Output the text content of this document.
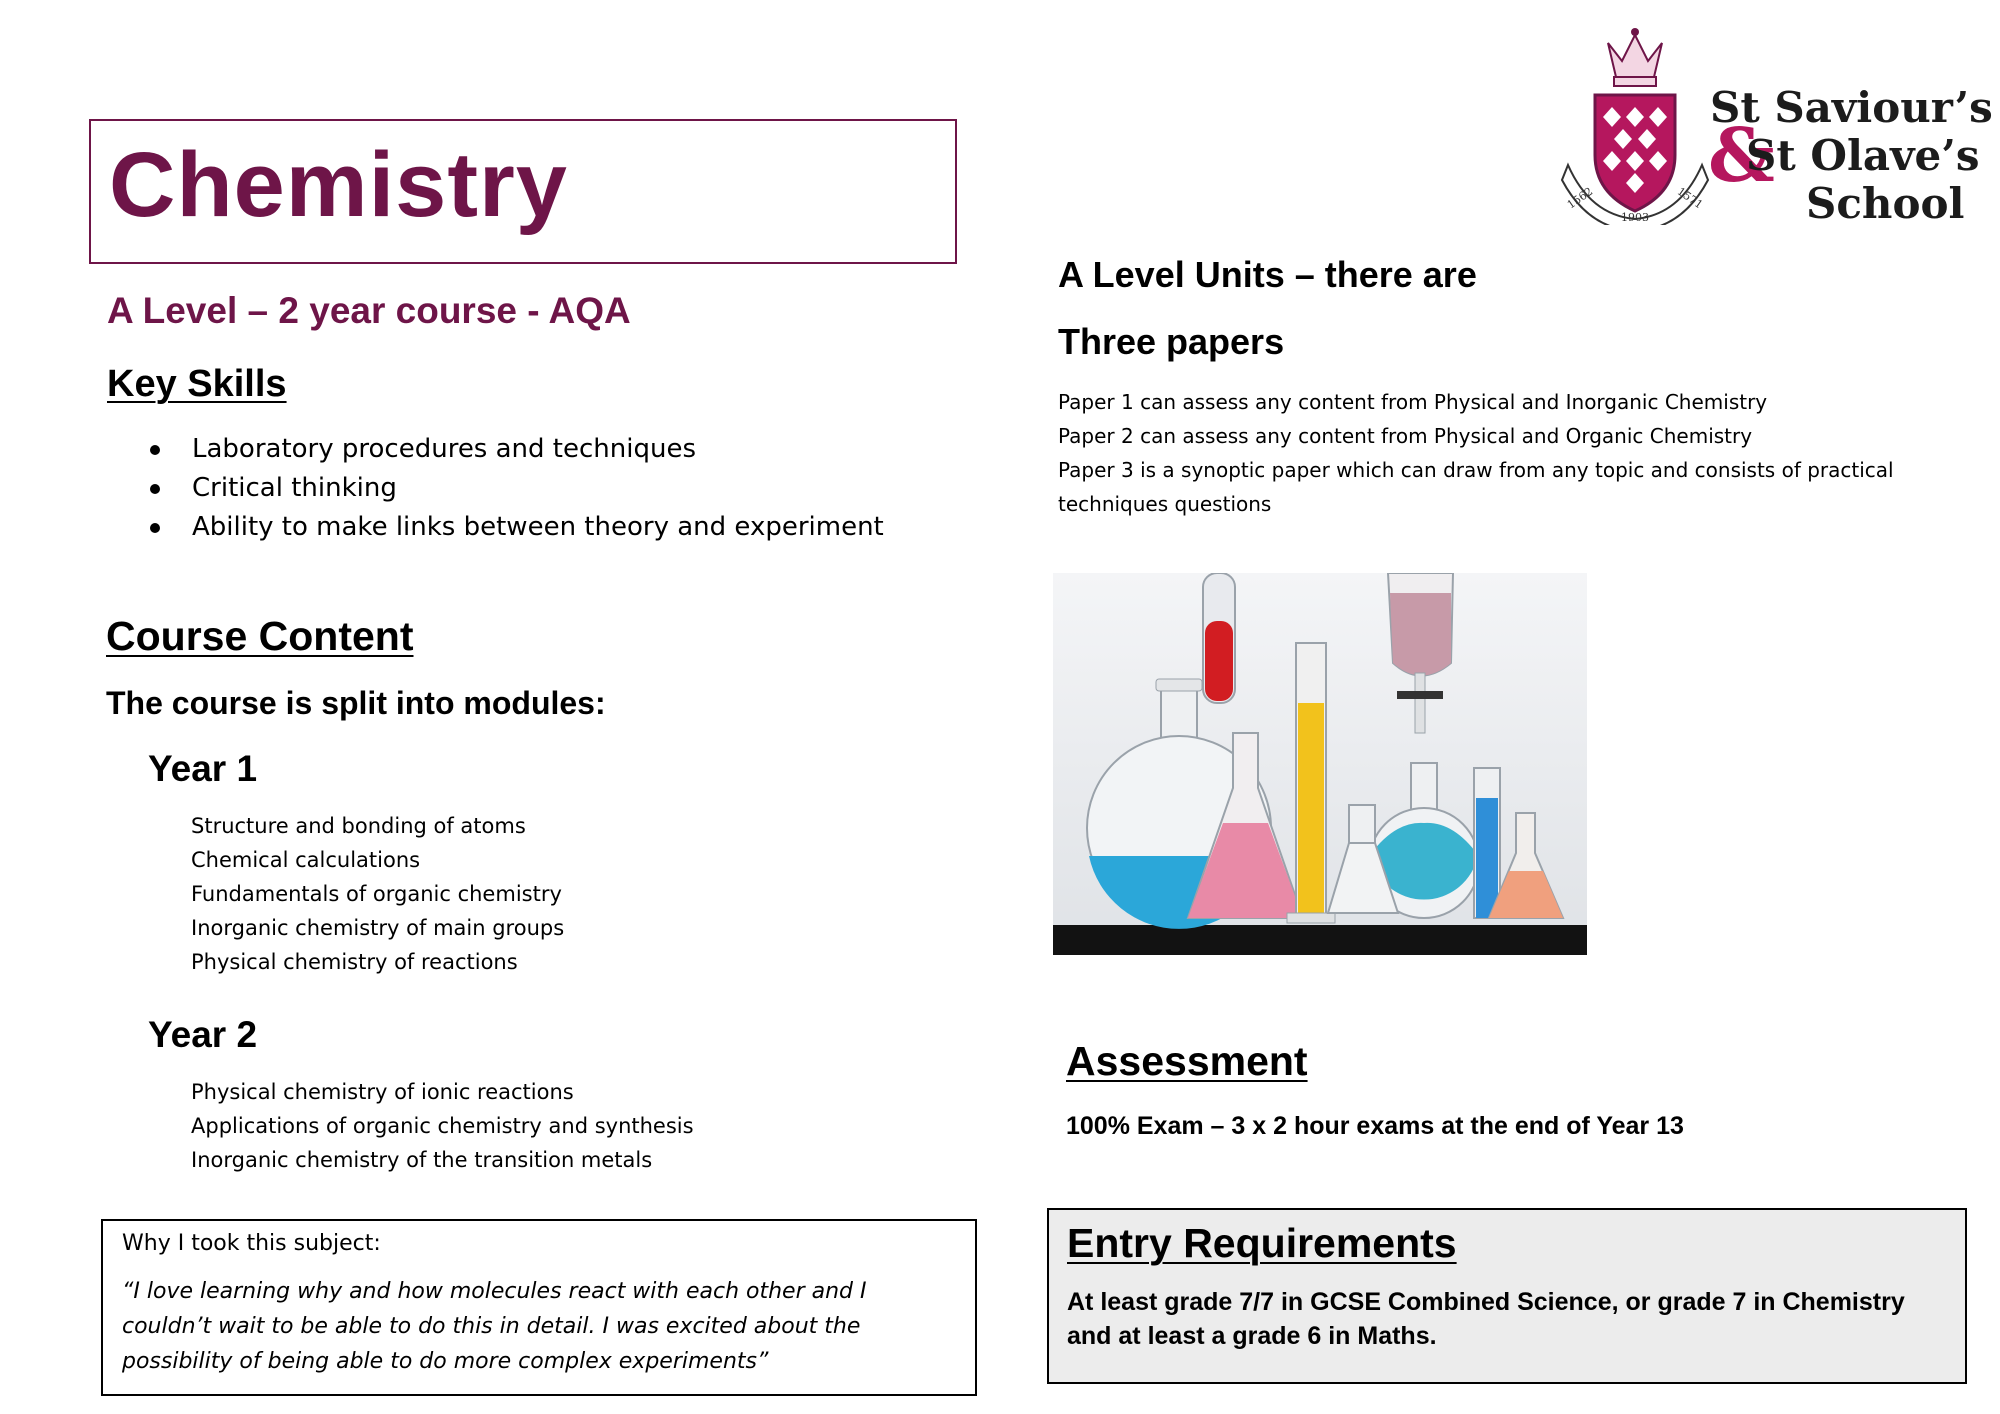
Chemistry
A Level – 2 year course - AQA
Key Skills
Laboratory procedures and techniques
Critical thinking
Ability to make links between theory and experiment
Course Content
The course is split into modules:
Year 1
Structure and bonding of atoms
Chemical calculations
Fundamentals of organic chemistry
Inorganic chemistry of main groups
Physical chemistry of reactions
Year 2
Physical chemistry of ionic reactions
Applications of organic chemistry and synthesis
Inorganic chemistry of the transition metals
Why I took this subject:
“I love learning why and how molecules react with each other and I couldn’t wait to be able to do this in detail. I was excited about the possibility of being able to do more complex experiments”
1562
1903
1571
St Saviour’s
&
St Olave’s
School
A Level Units – there are
Three papers
Paper 1 can assess any content from Physical and Inorganic Chemistry
Paper 2 can assess any content from Physical and Organic Chemistry
Paper 3 is a synoptic paper which can draw from any topic and consists of practical techniques questions
Assessment
100% Exam – 3 x 2 hour exams at the end of Year 13
Entry Requirements
At least grade 7/7 in GCSE Combined Science, or grade 7 in Chemistry and at least a grade 6 in Maths.
